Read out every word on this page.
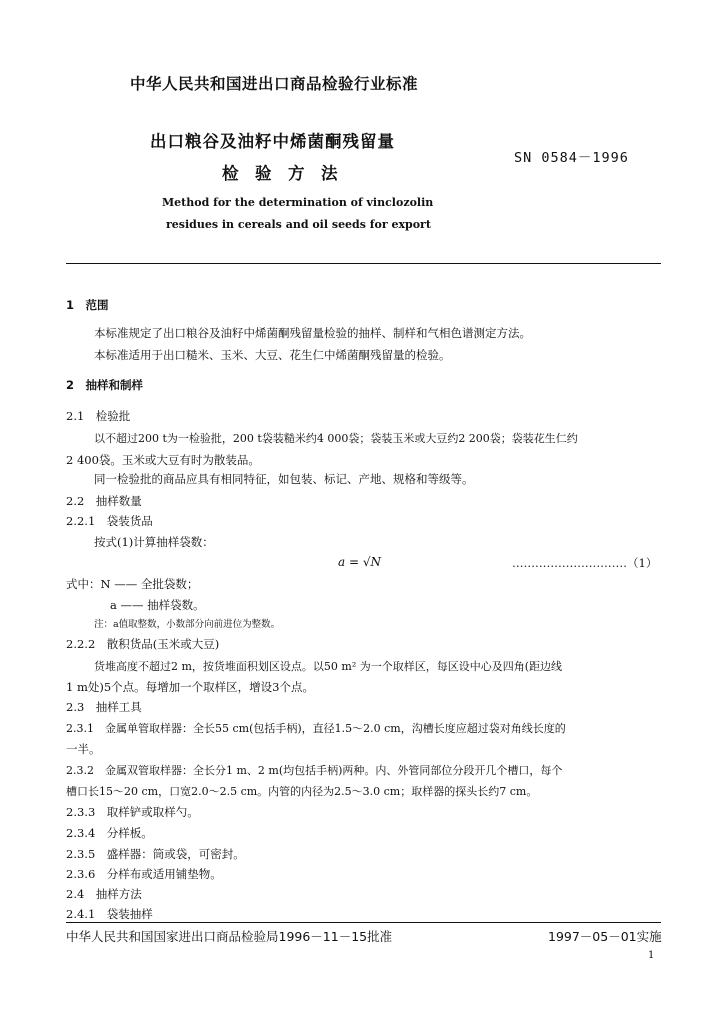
中华人民共和国进出口商品检验行业标准
出口粮谷及油籽中烯菌酮残留量
检　验　方　法
SN 0584－1996
Method for the determination of vinclozolin
residues in cereals and oil seeds for export
1　范围
本标准规定了出口粮谷及油籽中烯菌酮残留量检验的抽样、制样和气相色谱测定方法。
本标准适用于出口糙米、玉米、大豆、花生仁中烯菌酮残留量的检验。
2　抽样和制样
2.1　检验批
以不超过200 t为一检验批，200 t袋装糙米约4 000袋；袋装玉米或大豆约2 200袋；袋装花生仁约
2 400袋。玉米或大豆有时为散装品。
同一检验批的商品应具有相同特征，如包装、标记、产地、规格和等级等。
2.2　抽样数量
2.2.1　袋装货品
按式(1)计算抽样袋数：
a = √N	…………………………（1）
式中：N —— 全批袋数；
a —— 抽样袋数。
注：a值取整数，小数部分向前进位为整数。
2.2.2　散积货品(玉米或大豆)
货堆高度不超过2 m，按货堆面积划区设点。以50 m² 为一个取样区，每区设中心及四角(距边线
1 m处)5个点。每增加一个取样区，增设3个点。
2.3　抽样工具
2.3.1　金属单管取样器：全长55 cm(包括手柄)，直径1.5～2.0 cm，沟槽长度应超过袋对角线长度的
一半。
2.3.2　金属双管取样器：全长分1 m、2 m(均包括手柄)两种。内、外管同部位分段开几个槽口，每个
槽口长15～20 cm，口宽2.0～2.5 cm。内管的内径为2.5～3.0 cm；取样器的探头长约7 cm。
2.3.3　取样铲或取样勺。
2.3.4　分样板。
2.3.5　盛样器：筒或袋，可密封。
2.3.6　分样布或适用铺垫物。
2.4　抽样方法
2.4.1　袋装抽样
中华人民共和国国家进出口商品检验局1996－11－15批准	1997－05－01实施
1
